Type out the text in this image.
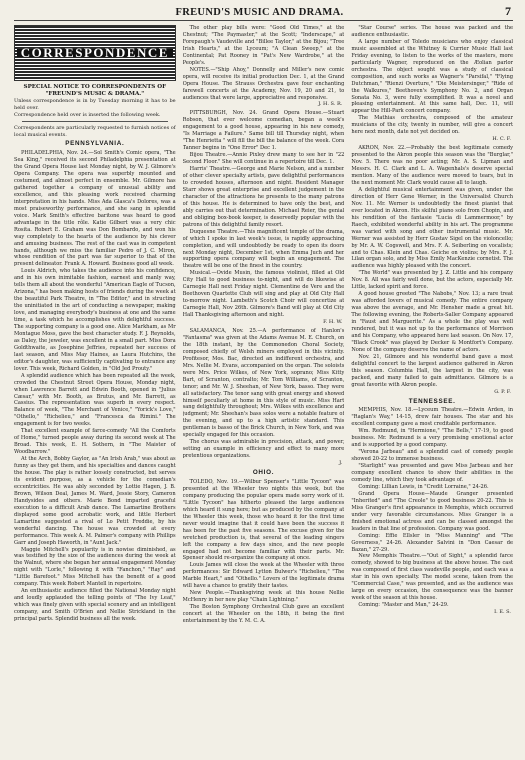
FREUND'S MUSIC AND DRAMA.	7
CORRESPONDENCE
SPECIAL NOTICE TO CORRESPONDENTS OF "FREUND'S MUSIC & DRAMA."

Unless correspondence is in by Tuesday morning it has to be held over.

Correspondence held over is inserted the following week.

Correspondents are particularly requested to furnish notices of local musical events.

PENNSYLVANIA.

PHILADELPHIA, Nov. 24.—Sol Smith's Comic opera, "The Sea King," received its second Philadelphia presentation at the Grand Opera House last Monday night, by W. J. Gilmore's Opera Company. The opera was superbly mounted and costumed, and almost perfect in ensemble. Mr. Gilmore has gathered together a company of unusual ability and excellence, and this pleasing work received charming interpretation in his hands. Miss Ada Glasca's Dolores, was a most praiseworthy performance, and she sang in splendid voice. Mark Smith's effective baritone was heard to good advantage in the title rôle. Katie Gilbert was a very chic Rosita. Robert E. Graham was Don Bombardo, and won his way completely to the hearts of the audience by his clever and amusing business. The rest of the cast was in competent hands, although we miss the familiar Pedro of J. C. Miron, whose rendition of the part was far superior to that of the present delineator. Frank A. Howard. Business good all week.

Louis Aldrich, who takes the audience into his confidence, and in his own inimitable fashion, earnest and manly way, tells them all about the wonderful "American Eagle of Tucson, Arizona," has been making hosts of friends during the week at the beautiful Park Theatre, in "The Editor," and in structing the uninitiated in the art of conducting a newspaper, making love, and managing everybody's business at one and the same time, a task which he accomplishes with delightful success. The supporting company is a good one. Alice Markham, as Mr Montague Moss, gave the best character study. F. J. Reynolds, as Daley, the jeweler, was excellent in a small part. Miss Dora Goldthwaite, as Josephine Jeffries, repeated her success of last season, and Miss May Haines, as Laura Hutchins, the editor's daughter, was sufficiently captivating to entrance any lover. This week, Richard Golden, in "Old Jed Prouty."

A splendid audience which has been repeated all the week, crowded the Chestnut Street Opera House, Monday night, when Lawrence Barrett and Edwin Booth, opened in "Julius Cæsar," with Mr. Booth, as Brutus, and Mr. Barrett, as Cassius. The representation was superb in every respect. Balance of week, "The Merchant of Venice," "Yorick's Love," "Othello," "Richelieu," and "Francesca da Rimini." The engagement is for two weeks.

That excellent example of farce-comedy "All the Comforts of Home," turned people away during its second week at The Broad. This week, E. H. Sothern, in "The Maister of Woodbarrow."

At the Arch, Bobby Gaylor, as "An Irish Arab," was about as funny as they get them, and his specialties and dances caught the house. The play is rather loosely constructed, but serves its evident purpose, as a vehicle for the comedian's eccentricities. He was ably seconded by Lottie Hagen, J. B. Brown, Wilson Deal, James M. Ward, Jessie Story, Cameron Handysides and others. Marie Bond imparted graceful execution to a difficult Arab dance. The Lamartine Brothers displayed some good acrobatic work, and little Herbert Lamartine suggested a rival of Lo Petit Freddie, by his wonderful dancing. The house was crowded at every performance. This week A. M. Palmer's company with Phillips Garr and Joseph Haworth, in "Aunt Jack."

Maggie Mitchell's popularity is in nowise diminished, as was testified by the size of the audiences during the week at the Walnut, where she began her annual engagement Monday night with "Lorle," following it with "Fanchon," "Ray" and "Little Barefoot." Miss Mitchell has the benefit of a good company. This week Robert Mantell in repertoire.

An enthusiastic audience filled the National Monday night and loudly applauded the telling points of "The Ivy Leaf," which was finely given with special scenery and an intelligent company, and Smith O'Brien and Nellie Strickland in the principal parts. Splendid business all the week.

The other play bills were: "Good Old Times," at the Chestnut; "The Paymaster," at the Scott; "Inderscape," at Forepaugh's Vaudeville and "Billee Taylor," at the Bijou; "Tree Irish Hearts," at the Lyceum; "A Clean Sweep," at the Continental; Pat Rooney in "Pat's New Wardrobe," at the People's.

NOTES.—"Ship Ahoy," Donnelly and Miller's new comic opera, will receive its initial production Dec. 1, at the Grand Opera House. The Strauss Orchestra gave four enchanting farewell concerts at the Academy, Nov. 19, 20 and 21, to audiences that were large, appreciative and responsive.

J. H. S. R.

PITTSBURGH, Nov. 24. Grand Opera House.—Stuart Robson, that ever welcome comedian, began a week's engagement to a good house, appearing in his new comedy, "Is Marriage a Failure." Same bill till Thursday night, when "The Henrietta " will fill the bill the balance of the week. Cora Tanner begins in "One Error" Dec 1.

Bijou Theatre.—Annie Pixley drew many to see her in "22 Second Floor." She will continue in a repertoire till Dec. 1.

Harris' Theatre.—George and Marie Nelson, and a number of other clever specialty artists, gave delightful performances to crowded houses, afternoon and night. Resident Manager Starr shows great enterprise and excellent judgement in the character of the attractions he presents to the many patrons of this house. He is determined to have only the best, and ably carries out that determination. Michael Reier, the genial and obliging box-book keeper, is deservedly popular with the patrons of this delightful family resort.

Duquesne Theatre.—This magnificent temple of the drama, of which I spoke in last week's issue, is rapidly approaching completion, and will undoubtedly be ready to open its doors next Monday night, December 1st, when Emma Juch and her supporting opera company will begin an engagement. The theatre will be one of the finest in the country.

Musical.—Ovide Musin, the famous violinist, filled at Old City Hall to good business to-night, and will do likewise at Carnegie Hall next Friday night. Clementine de Vere and the Beethoven Quartette Club will sing and play at Old City Hall to-morrow night. Lambeth's Scotch Choir will concertize at Carnegie Hall, Nov 26th. Gilmore's Band will play at Old City Hall Thanksgiving afternoon and night.

F. H. W.

SALAMANCA, Nov. 25.—A performance of Hanlon's "Fantasma" was given at the Adams Avenue M. E. Church, on the 18th instant, by the Commonedon Choral Society, composed chiefly of Welsh miners employed in this vicinity. Profitesor, Mos. Bac, directed an indifferent orchestra, and Mrs. Nellie M. Evans, accompanied on the organ. The soloists were Mrs. Price Wilkes, of New York, soprano; Miss Kitty Bart, of Scranton, contralto; Mr. Tom Williams, of Scranton, tenor; and Mr. W. J. Sheehan, of New York, basso. They were all satisfactory. The tenor sang with great energy and showed himself peculiarly at home in this style of music. Miss Hart sang delightfully throughout; Mrs. Wilkes with excellence and judgment; Mr. Sheehan's bass solos were a notable feature of the evening, and up to a high artistic standard. This gentleman is basso of the Brick Church, in New York, and was specially engaged for this occasion.

The chorus was admirable in precision, attack, and power, setting an example in efficiency and effect to many more pretentious organizations.

J.
OHIO.

TOLEDO, Nov. 19.—Wilbur Spenser's "Little Tycoon" was presented at the Wheeler two nights this week, but the company producing the popular opera made sorry work of it. "Little Tycoon" has hitherto pleased the large audiences which heard it sung here; but as produced by the company at the Wheeler this week, those who heard it for the first time never would imagine that it could have been the success it has been for the past five seasons. The excuse given for the wretched production is, that several of the leading singers left the company a few days since, and the new people engaged had not become familiar with their parts. Mr. Spenser should re-organize the company at once.

Louis James will close the week at the Wheeler with three performances: Sir Edward Lytton Bulwer's "Richelieu," "The Marble Heart," and "Othello." Lovers of the legitimate drama will have a chance to gratify their tastes.

New People.—Thanksgiving week at this house Nellie McHenry in her new play "Chain Lightning."

The Boston Symphony Orchestral Club gave an excellent concert at the Wheeler on the 18th, it being the first entertainment by the Y. M. C. A.

"Star Course" series. The house was packed and the audience enthusiastic.

A large number of Toledo musicians who enjoy classical music assembled at the Whitney & Currier Music Hall last Friday evening, to listen to the works of the masters, more particularly Wagner, reproduced on the Æolian parlor orchestra. The object sought was a study of classical composition, and such works as Wagner's "Parsifal," "Flying Dutchman," "Rienzi Overture," "Die Meistersinger," "Ride of the Walkures," Beethoven's Symphony No. 2, and Organ Sonata No. 3, were fully exemplified. It was a novel and pleasing entertainment. At this same hall, Dec. 11, will appear the Hill-Park concert company.

The Mathias orchestra, composed of the amateur musicians of the city, twenty in number, will give a concert here next month, date not yet decided on.

H. C. F.

AKRON, Nov. 22.—Probably the best legitimate comedy presented to the Akron people this season was the "Burglar," Nov. 5. There was no poor acting; Mr. A. S. Lipman and Messrs. H. C. Clark and L. A. Wagenhals's deserve special mention. Many of the audience were moved to tears, but in the next moment Mr. Clark would cause all to laugh.

A delightful musical entertainment was given, under the direction of Herr Gene Werner, in the Universalist Church Nov. 11. Mr. Werner is undoubtedly the finest pianist that ever located in Akron. His skilful piano solo from Chopin, and his rendition of the fantasie "Lucia di Lammermoor," by Raech, exhibited wonderful ability in his art. The programme was varied with song and other instrumental music. Mr. Werner was assisted by Herr Gustav Sigel on the violoncello; by Mr. A. W. Cogswell, and Mrs. F. A. Seiberling on vocalists; and to Chas. Klein and Chas. Geiche on violins; by Mrs. F. J. Lilan organ solo, and by Miss Emily MacKenzie cornetist. The audience was highly pleased with the concert.

"The World" was presented by J. Z. Little and his company Nov. 8. All was fairly well done, but the actors, especially Mr. Little, lacked spirit and force.

A good house greeted "The Nabobs," Nov. 13; a rare treat was afforded lovers of musical comedy. The entire company was above the average, and Mr. Hensher made a great hit. The following evening, the Roberts-Saller Company appeared in "Faust and Marguerite." As a whole the play was well rendered, but it was not up to the performance of Morrison and his Company, who appeared here last season. On Nov. 17, "Black Crook" was played by Decker & Montfort's Company. None of the company deserve the name of actors.

Nov. 21, Gilmore and his wonderful band gave a most delightful concert to the largest audience gathered in Akron this season. Columbia Hall, the largest in the city, was packed, and many failed to gain admittance. Gilmore is a great favorite with Akron people.

G. P. F.
TENNESSEE.

MEMPHIS, Nov. 18.—Lyceum Theatre.—Edwin Arden, in "Raglan's Way," 14-15, drew fair houses. The star and his excellent company gave a most creditable performance.

Wm. Redmund, in "Hermione," "The Bells," 17-19, to good business. Mr. Redmund is a very promising emotional actor and is supported by a good company.

"Verona Jarbeau" and a splendid cast of comedy people showed 20-22 to immense business.

"Starlight" was presented and gave Miss Jarbeau and her company excellent chance to show their abilities in the comedy line, which they took advantage of.

Coming: Lillian Lewis, in "Credit Lorraine," 24-26.

Grand Opera House—Maude Granger presented "Inherited" and "The Creole" to good business 20-22. This is Miss Granger's first appearance in Memphis, which occurred under very favorable circumstances. Miss Granger is a finished emotional actress and can be classed amongst the leaders in that line of profession. Company was good.

Coming: Effie Ellsler in "Miss Manning" and "The Governess," 24-26. Alexander Salvini in "Don Caesar de Bazan," 27-29.

New Memphis Theatre.—"Out of Sight," a splendid farce comedy, showed to big business at the above house. The cast was composed of first class vaudeville people, and each was a star in his own specialty. The model scene, taken from the "Commercial Case," was presented, and as the audience was large on every occasion, the consequence was the banner week of the season at this house.

Coming: "Master and Man," 24-29.

I. E. S.
